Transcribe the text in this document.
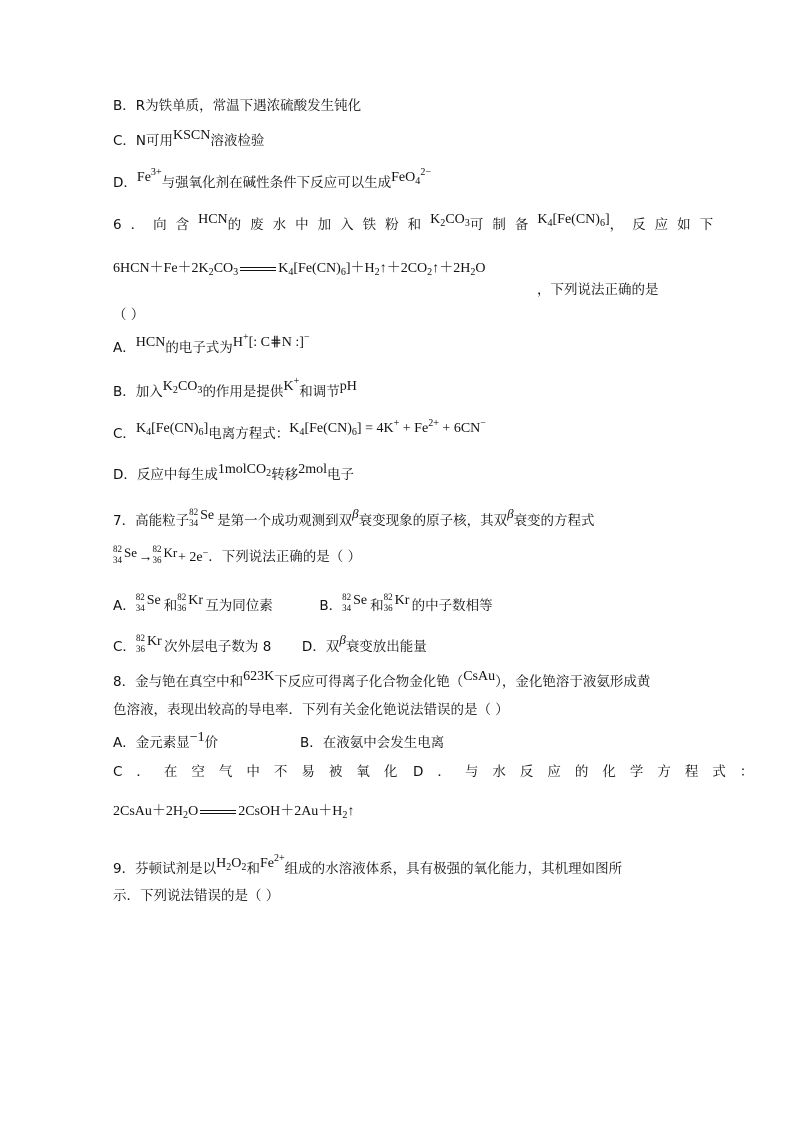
B．R为铁单质，常温下遇浓硫酸发生钝化
C．N可用KSCN溶液检验
D．$Fe^{3+}$与强氧化剂在碱性条件下反应可以生成FeO$_4^{2-}$
6．向含HCN的废水中加入铁粉和$K_2CO_3$可制备$K_4[Fe(CN)_6]$，反应如下
$6HCN+Fe+2K_2CO_3$	$K_4[Fe(CN)_6]+H_2↑+2CO_2↑+2H_2O$
，下列说法正确的是
（ ）
A．HCN的电子式为H+[: C⋕N :]−
B．加入$K_2CO_3$的作用是提供K+和调节pH
C．$K_4[Fe(CN)_6]$电离方程式：$K_4[Fe(CN)_6] = 4K^+ + Fe^{2+} + 6CN^-$
D．反应中每生成1molCO$_2$转移2mol电子
7．高能粒子
82
34 Se 是第一个成功观测到双β衰变现象的原子核，其双β衰变的方程式
82
34 Se
→
82
36 Kr
+ 2e−．下列说法正确的是（ ）
A．
82
34 Se 和
82
36 Kr 互为同位素	B．
82
34 Se 和
82
36 Kr 的中子数相等
C．
82
36 Kr 次外层电子数为 8 D．双β衰变放出能量
8．金与铯在真空中和623K下反应可得离子化合物金化铯（CsAu），金化铯溶于液氨形成黄
色溶液，表现出较高的导电率．下列有关金化铯说法错误的是（ ）
A．金元素显−1价	B．在液氨中会发生电离
C．在空气中不易被氧化 D．与水反应的化学方程式：
$2CsAu+2H_2O$	$2CsOH+2Au+H_2↑$
9．芬顿试剂是以$H_2O_2$和$Fe^{2+}$组成的水溶液体系，具有极强的氧化能力，其机理如图所
示．下列说法错误的是（ ）
